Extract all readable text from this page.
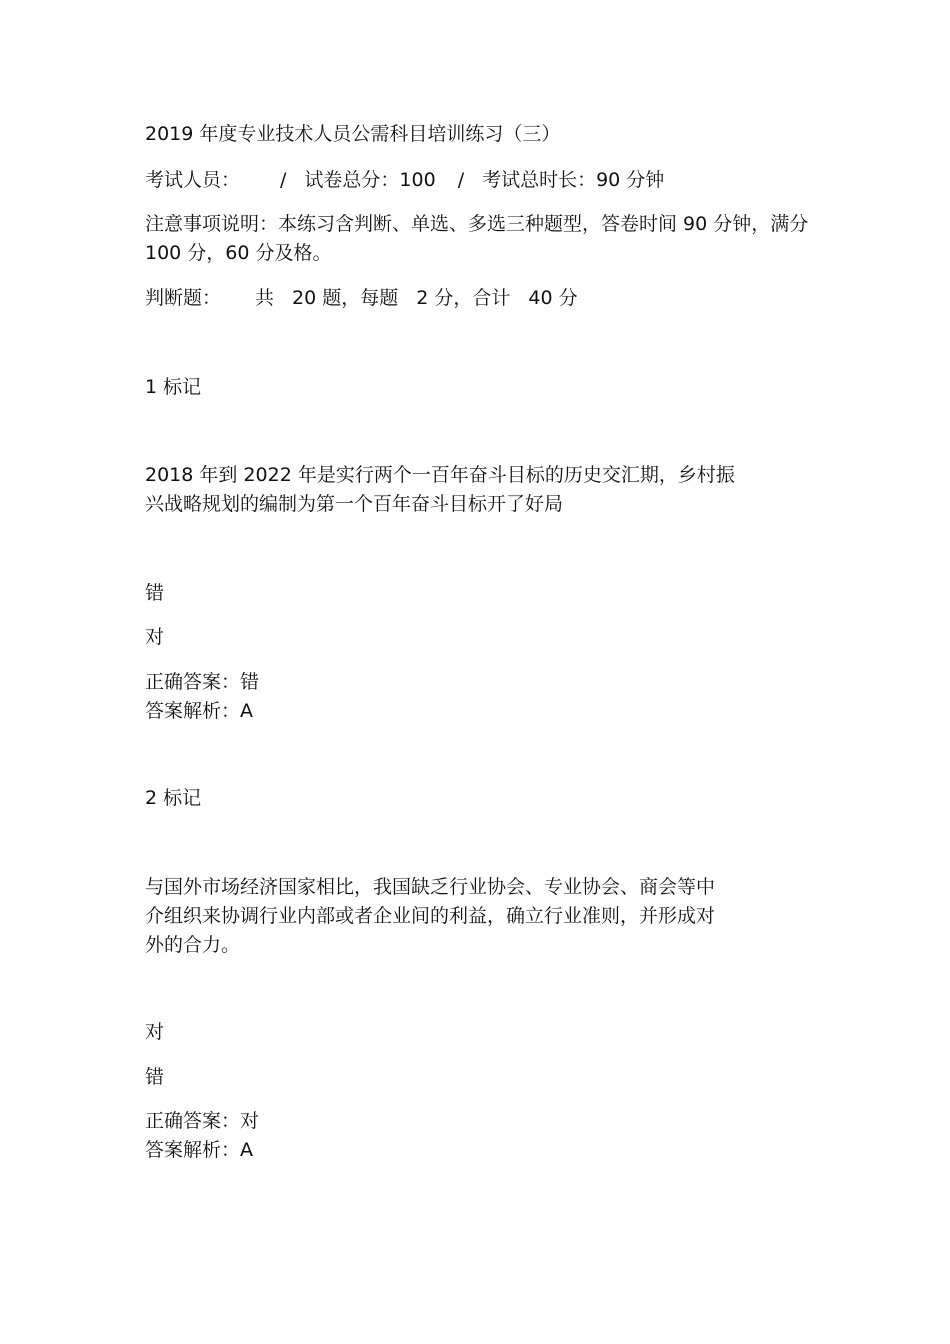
2019 年度专业技术人员公需科目培训练习（三）
考试人员： / 试卷总分：100 / 考试总时长：90 分钟
注意事项说明：本练习含判断、单选、多选三种题型，答卷时间 90 分钟，满分 100 分，60 分及格。
判断题： 共 20 题，每题 2 分，合计 40 分
1 标记
2018 年到 2022 年是实行两个一百年奋斗目标的历史交汇期，乡村振
兴战略规划的编制为第一个百年奋斗目标开了好局
错
对
正确答案：错
答案解析：A
2 标记
与国外市场经济国家相比，我国缺乏行业协会、专业协会、商会等中
介组织来协调行业内部或者企业间的利益，确立行业准则，并形成对
外的合力。
对
错
正确答案：对
答案解析：A
